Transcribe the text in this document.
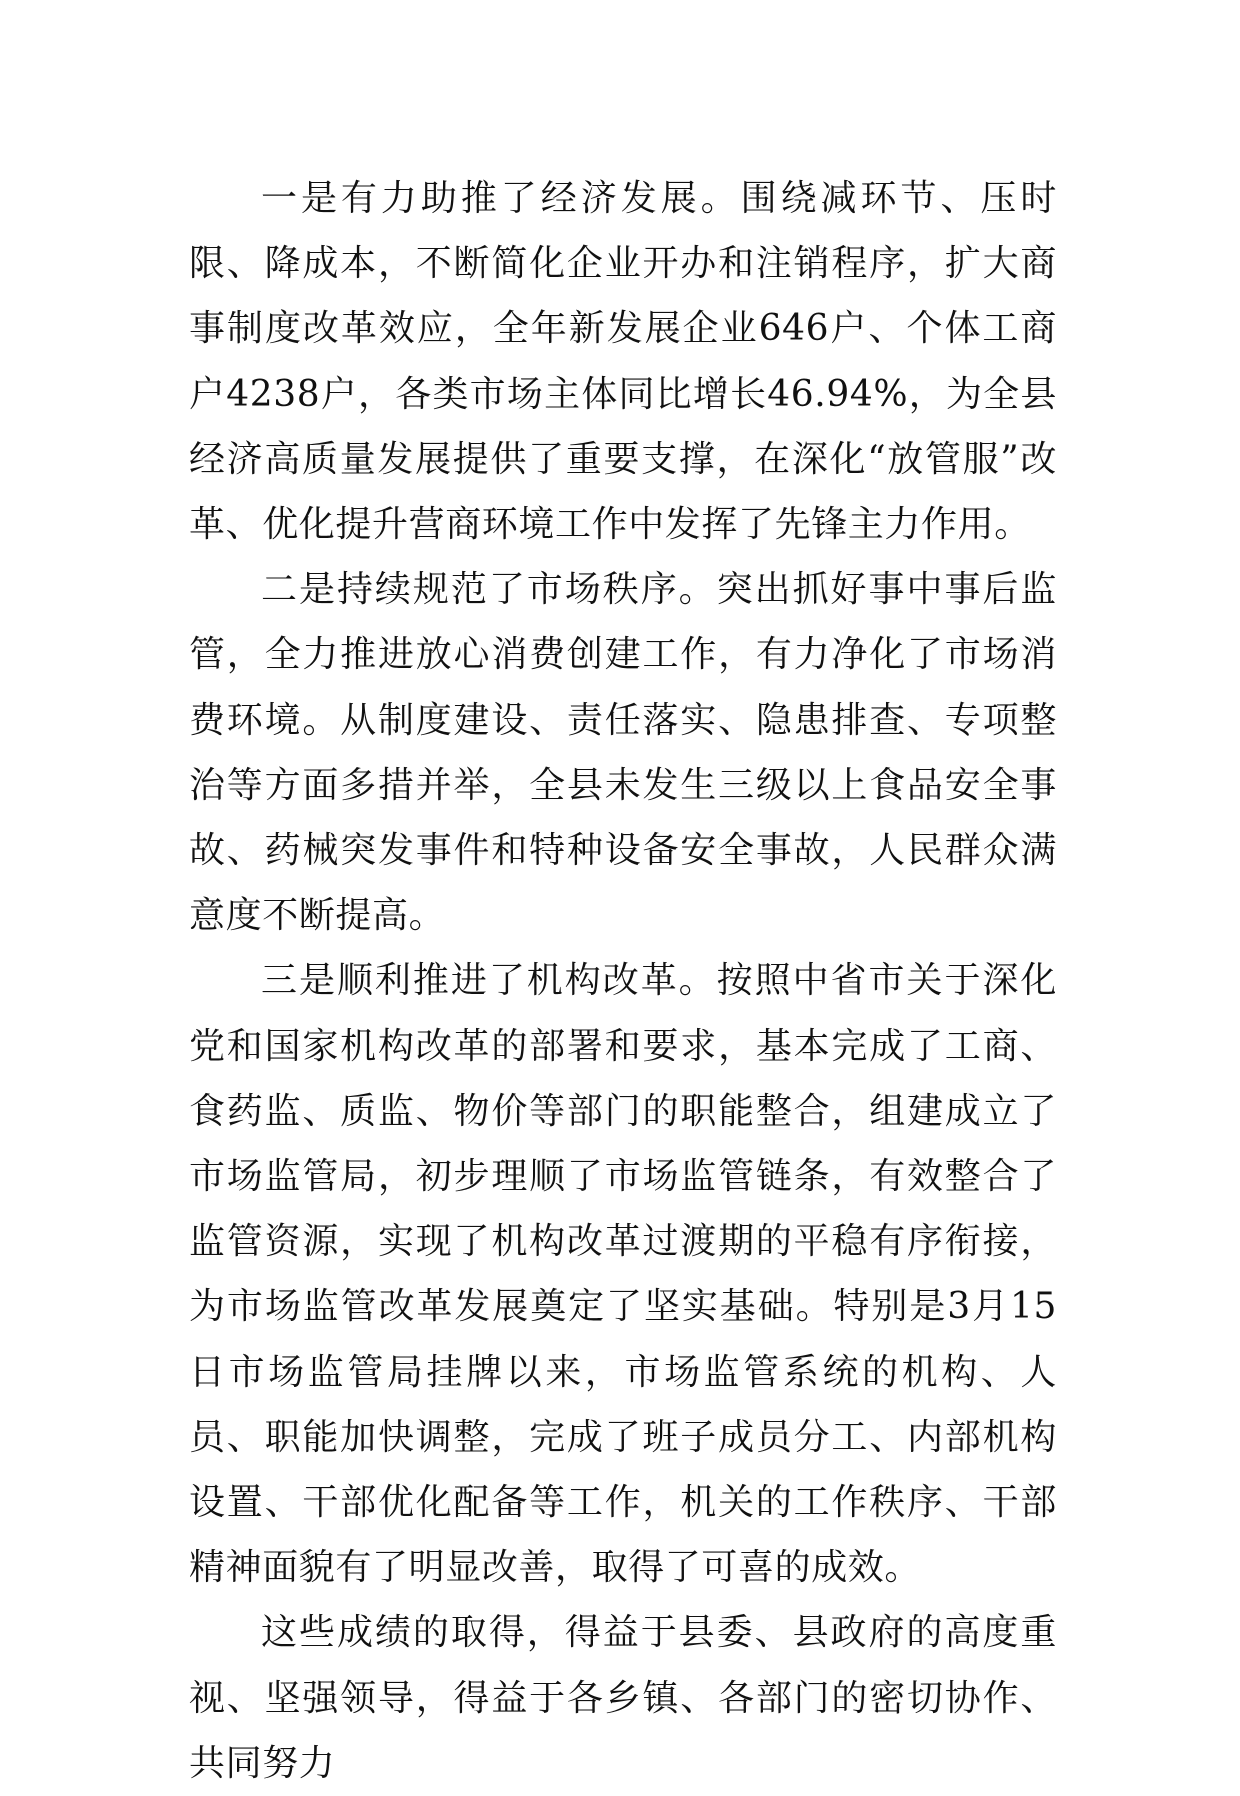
一是有力助推了经济发展。围绕减环节、压时限、降成本，不断简化企业开办和注销程序，扩大商事制度改革效应，全年新发展企业646户、个体工商户4238户，各类市场主体同比增长46.94%，为全县经济高质量发展提供了重要支撑，在深化“放管服”改革、优化提升营商环境工作中发挥了先锋主力作用。

二是持续规范了市场秩序。突出抓好事中事后监管，全力推进放心消费创建工作，有力净化了市场消费环境。从制度建设、责任落实、隐患排查、专项整治等方面多措并举，全县未发生三级以上食品安全事故、药械突发事件和特种设备安全事故，人民群众满意度不断提高。

三是顺利推进了机构改革。按照中省市关于深化党和国家机构改革的部署和要求，基本完成了工商、食药监、质监、物价等部门的职能整合，组建成立了市场监管局，初步理顺了市场监管链条，有效整合了监管资源，实现了机构改革过渡期的平稳有序衔接，为市场监管改革发展奠定了坚实基础。特别是3月15日市场监管局挂牌以来，市场监管系统的机构、人员、职能加快调整，完成了班子成员分工、内部机构设置、干部优化配备等工作，机关的工作秩序、干部精神面貌有了明显改善，取得了可喜的成效。

这些成绩的取得，得益于县委、县政府的高度重视、坚强领导，得益于各乡镇、各部门的密切协作、共同努力
